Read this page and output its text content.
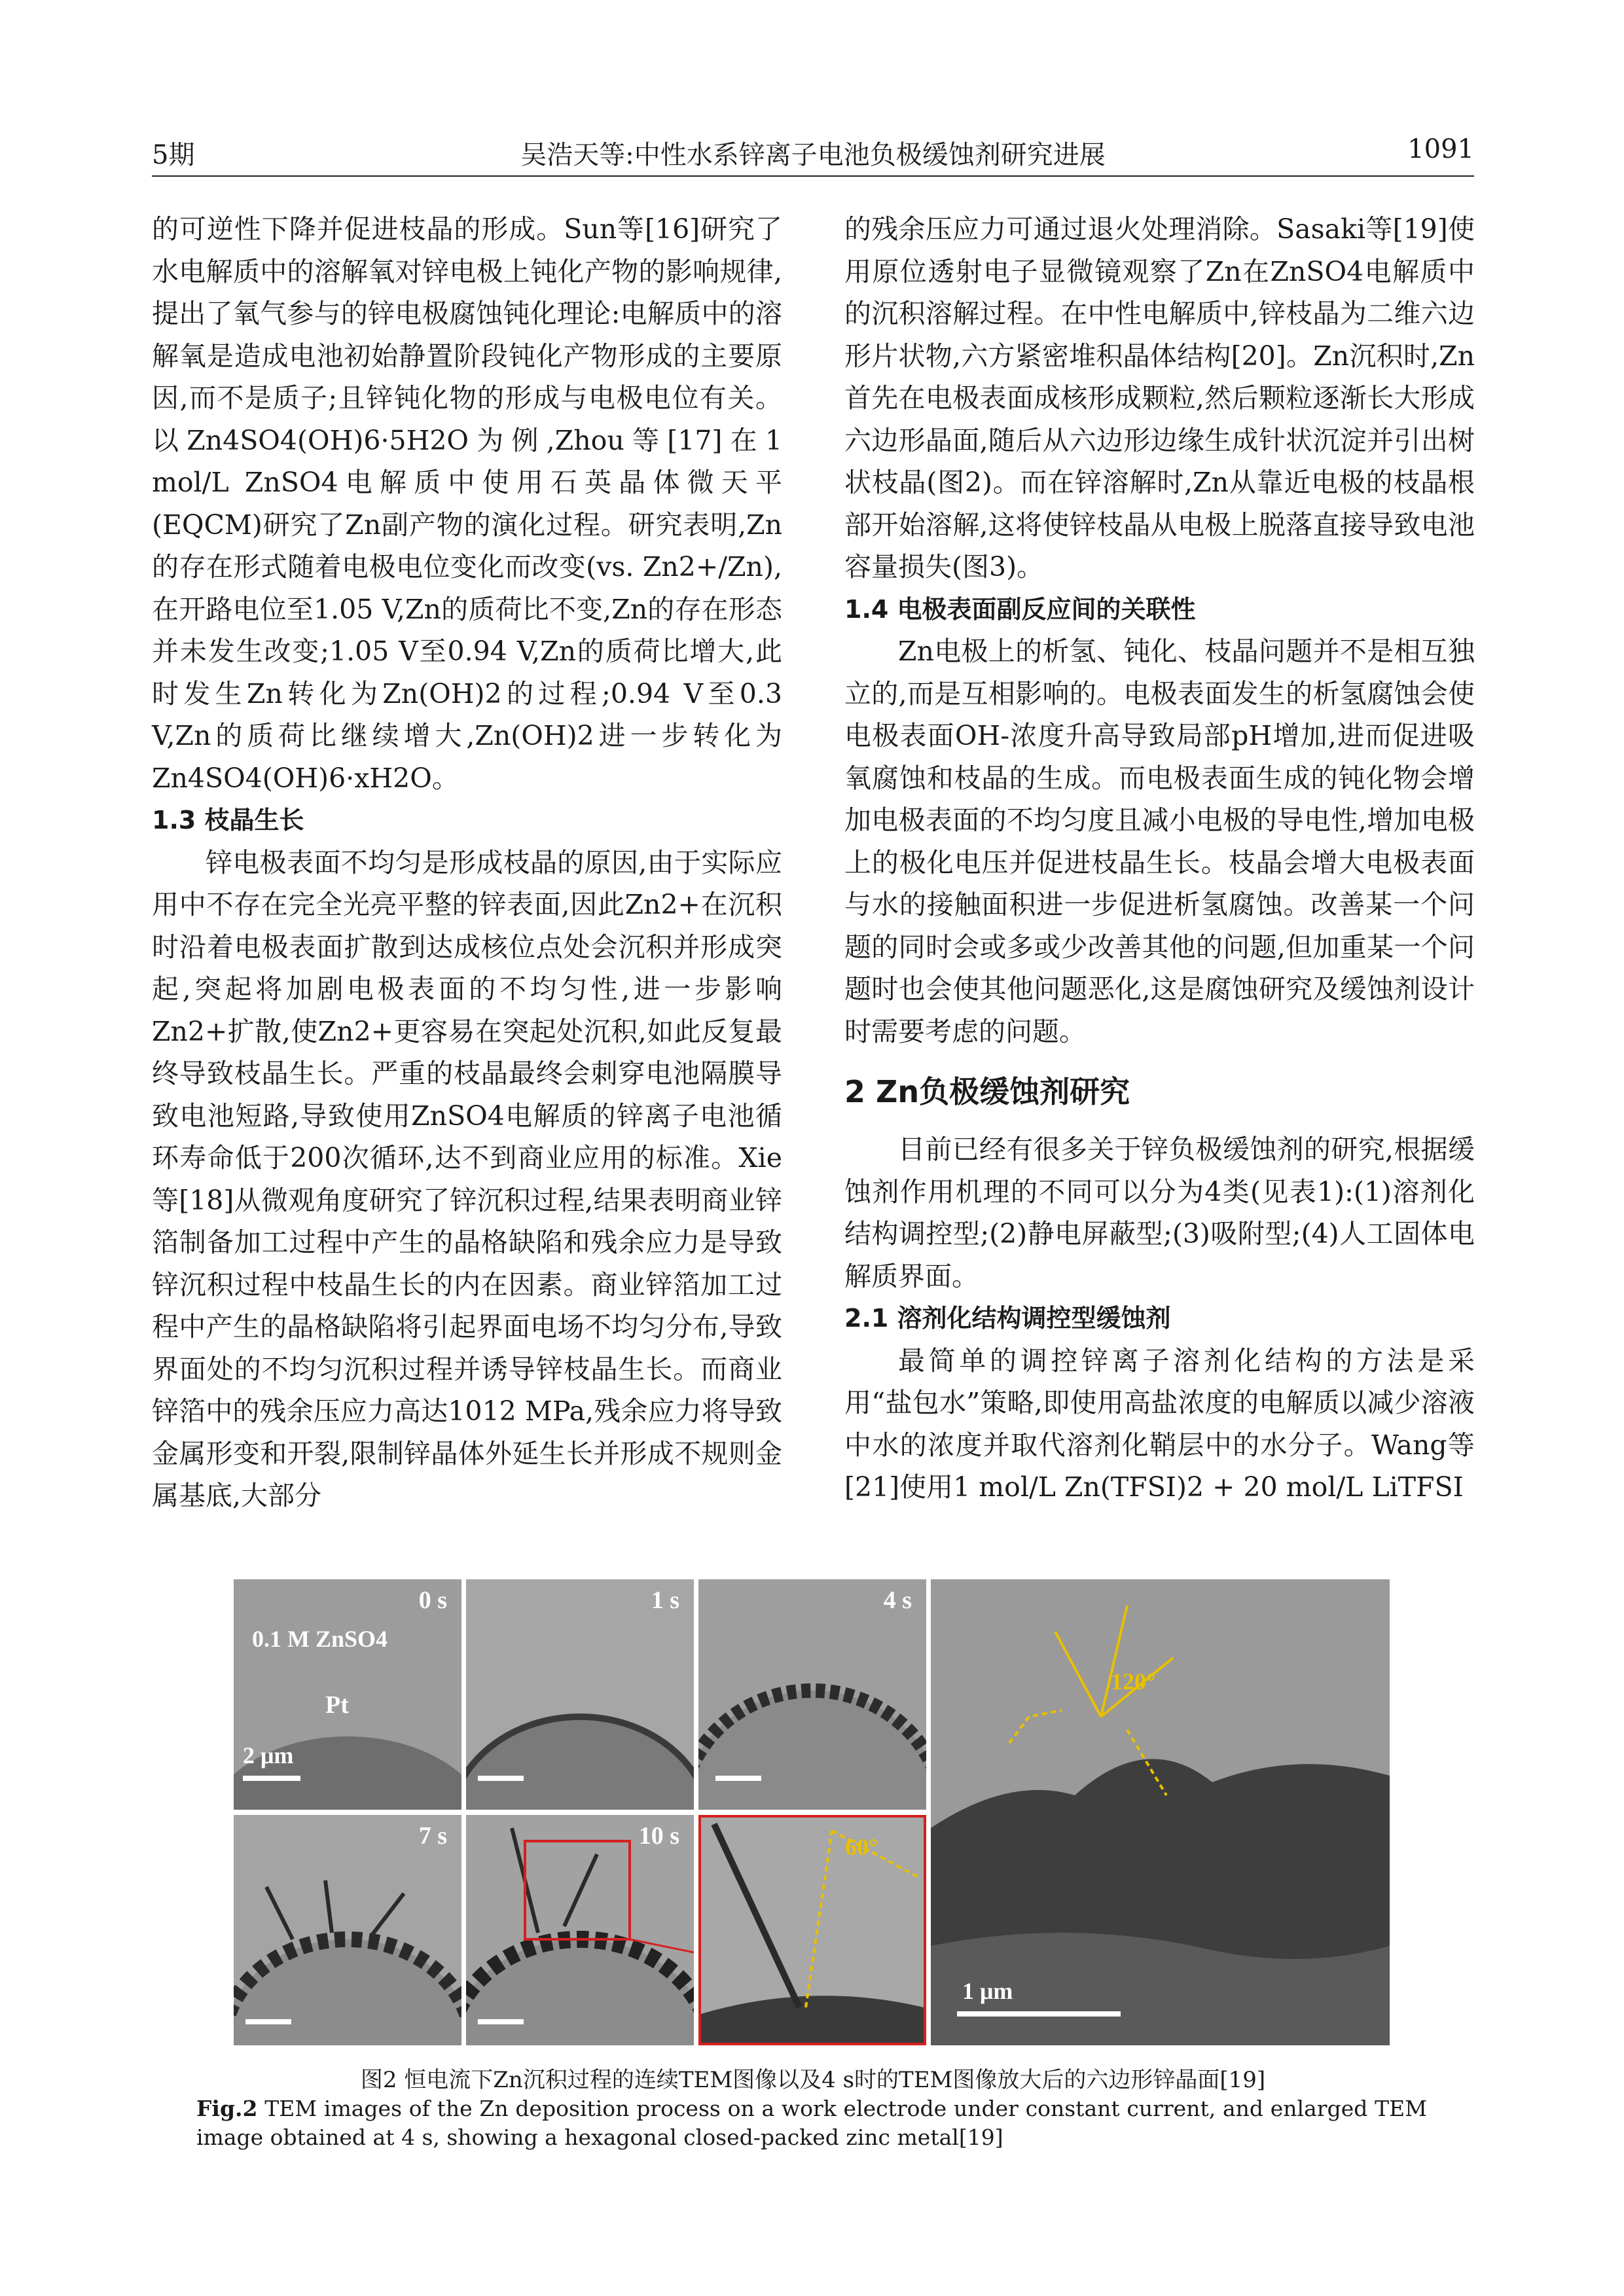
5期	吴浩天等:中性水系锌离子电池负极缓蚀剂研究进展	1091

的可逆性下降并促进枝晶的形成。Sun等[16]研究了水电解质中的溶解氧对锌电极上钝化产物的影响规律,提出了氧气参与的锌电极腐蚀钝化理论:电解质中的溶解氧是造成电池初始静置阶段钝化产物形成的主要原因,而不是质子;且锌钝化物的形成与电极电位有关。以Zn4SO4(OH)6·5H2O为例,Zhou等[17]在1 mol/L ZnSO4电解质中使用石英晶体微天平(EQCM)研究了Zn副产物的演化过程。研究表明,Zn的存在形式随着电极电位变化而改变(vs. Zn2+/Zn),在开路电位至1.05 V,Zn的质荷比不变,Zn的存在形态并未发生改变;1.05 V至0.94 V,Zn的质荷比增大,此时发生Zn转化为Zn(OH)2的过程;0.94 V至0.3 V,Zn的质荷比继续增大,Zn(OH)2进一步转化为Zn4SO4(OH)6·xH2O。

1.3 枝晶生长

锌电极表面不均匀是形成枝晶的原因,由于实际应用中不存在完全光亮平整的锌表面,因此Zn2+在沉积时沿着电极表面扩散到达成核位点处会沉积并形成突起,突起将加剧电极表面的不均匀性,进一步影响Zn2+扩散,使Zn2+更容易在突起处沉积,如此反复最终导致枝晶生长。严重的枝晶最终会刺穿电池隔膜导致电池短路,导致使用ZnSO4电解质的锌离子电池循环寿命低于200次循环,达不到商业应用的标准。Xie等[18]从微观角度研究了锌沉积过程,结果表明商业锌箔制备加工过程中产生的晶格缺陷和残余应力是导致锌沉积过程中枝晶生长的内在因素。商业锌箔加工过程中产生的晶格缺陷将引起界面电场不均匀分布,导致界面处的不均匀沉积过程并诱导锌枝晶生长。而商业锌箔中的残余压应力高达1012 MPa,残余应力将导致金属形变和开裂,限制锌晶体外延生长并形成不规则金属基底,大部分

的残余压应力可通过退火处理消除。Sasaki等[19]使用原位透射电子显微镜观察了Zn在ZnSO4电解质中的沉积溶解过程。在中性电解质中,锌枝晶为二维六边形片状物,六方紧密堆积晶体结构[20]。Zn沉积时,Zn首先在电极表面成核形成颗粒,然后颗粒逐渐长大形成六边形晶面,随后从六边形边缘生成针状沉淀并引出树状枝晶(图2)。而在锌溶解时,Zn从靠近电极的枝晶根部开始溶解,这将使锌枝晶从电极上脱落直接导致电池容量损失(图3)。

1.4 电极表面副反应间的关联性

Zn电极上的析氢、钝化、枝晶问题并不是相互独立的,而是互相影响的。电极表面发生的析氢腐蚀会使电极表面OH-浓度升高导致局部pH增加,进而促进吸氧腐蚀和枝晶的生成。而电极表面生成的钝化物会增加电极表面的不均匀度且减小电极的导电性,增加电极上的极化电压并促进枝晶生长。枝晶会增大电极表面与水的接触面积进一步促进析氢腐蚀。改善某一个问题的同时会或多或少改善其他的问题,但加重某一个问题时也会使其他问题恶化,这是腐蚀研究及缓蚀剂设计时需要考虑的问题。

2 Zn负极缓蚀剂研究

目前已经有很多关于锌负极缓蚀剂的研究,根据缓蚀剂作用机理的不同可以分为4类(见表1):(1)溶剂化结构调控型;(2)静电屏蔽型;(3)吸附型;(4)人工固体电解质界面。

2.1 溶剂化结构调控型缓蚀剂

最简单的调控锌离子溶剂化结构的方法是采用“盐包水”策略,即使用高盐浓度的电解质以减少溶液中水的浓度并取代溶剂化鞘层中的水分子。Wang等[21]使用1 mol/L Zn(TFSI)2 + 20 mol/L LiTFSI

0 s
0.1 M ZnSO4
Pt
2 μm
1 s	4 s
120°
1 μm
7 s	10 s	60°
图2 恒电流下Zn沉积过程的连续TEM图像以及4 s时的TEM图像放大后的六边形锌晶面[19]
Fig.2 TEM images of the Zn deposition process on a work electrode under constant current, and enlarged TEM image obtained at 4 s, showing a hexagonal closed-packed zinc metal[19]
